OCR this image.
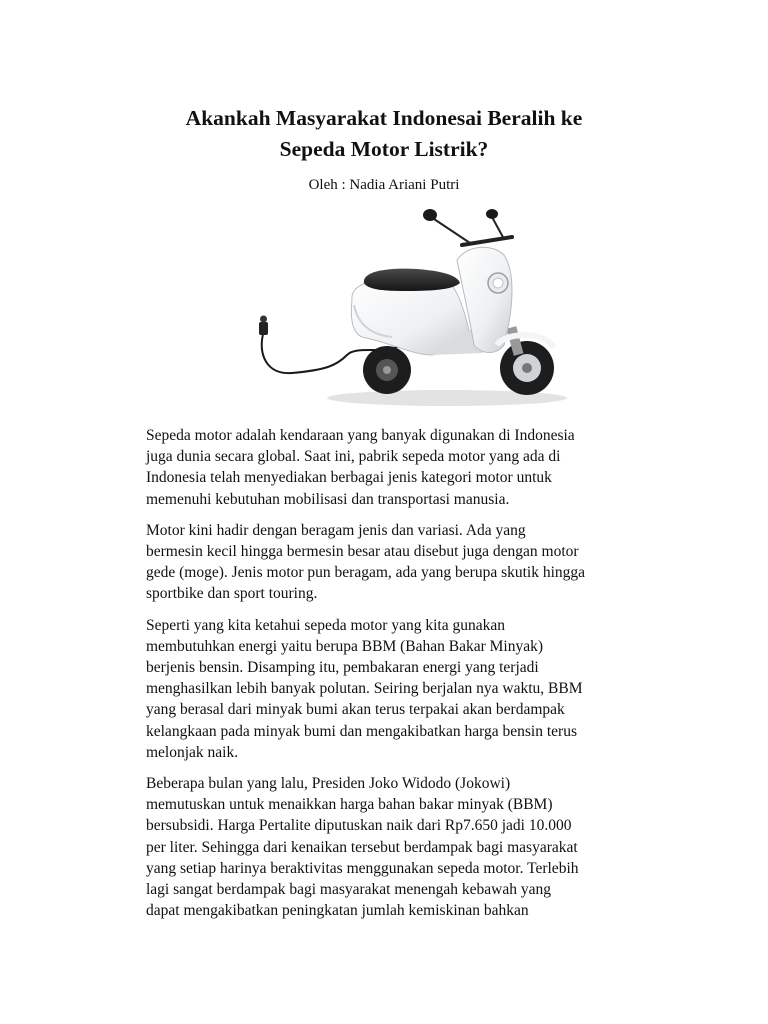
Akankah Masyarakat Indonesai Beralih ke
Sepeda Motor Listrik?

Oleh : Nadia Ariani Putri

Sepeda motor adalah kendaraan yang banyak digunakan di Indonesia
juga dunia secara global. Saat ini, pabrik sepeda motor yang ada di
Indonesia telah menyediakan berbagai jenis kategori motor untuk
memenuhi kebutuhan mobilisasi dan transportasi manusia.

Motor kini hadir dengan beragam jenis dan variasi. Ada yang
bermesin kecil hingga bermesin besar atau disebut juga dengan motor
gede (moge). Jenis motor pun beragam, ada yang berupa skutik hingga
sportbike dan sport touring.

Seperti yang kita ketahui sepeda motor yang kita gunakan
membutuhkan energi yaitu berupa BBM (Bahan Bakar Minyak)
berjenis bensin. Disamping itu, pembakaran energi yang terjadi
menghasilkan lebih banyak polutan. Seiring berjalan nya waktu, BBM
yang berasal dari minyak bumi akan terus terpakai akan berdampak
kelangkaan pada minyak bumi dan mengakibatkan harga bensin terus
melonjak naik.

Beberapa bulan yang lalu, Presiden Joko Widodo (Jokowi)
memutuskan untuk menaikkan harga bahan bakar minyak (BBM)
bersubsidi. Harga Pertalite diputuskan naik dari Rp7.650 jadi 10.000
per liter. Sehingga dari kenaikan tersebut berdampak bagi masyarakat
yang setiap harinya beraktivitas menggunakan sepeda motor. Terlebih
lagi sangat berdampak bagi masyarakat menengah kebawah yang
dapat mengakibatkan peningkatan jumlah kemiskinan bahkan
